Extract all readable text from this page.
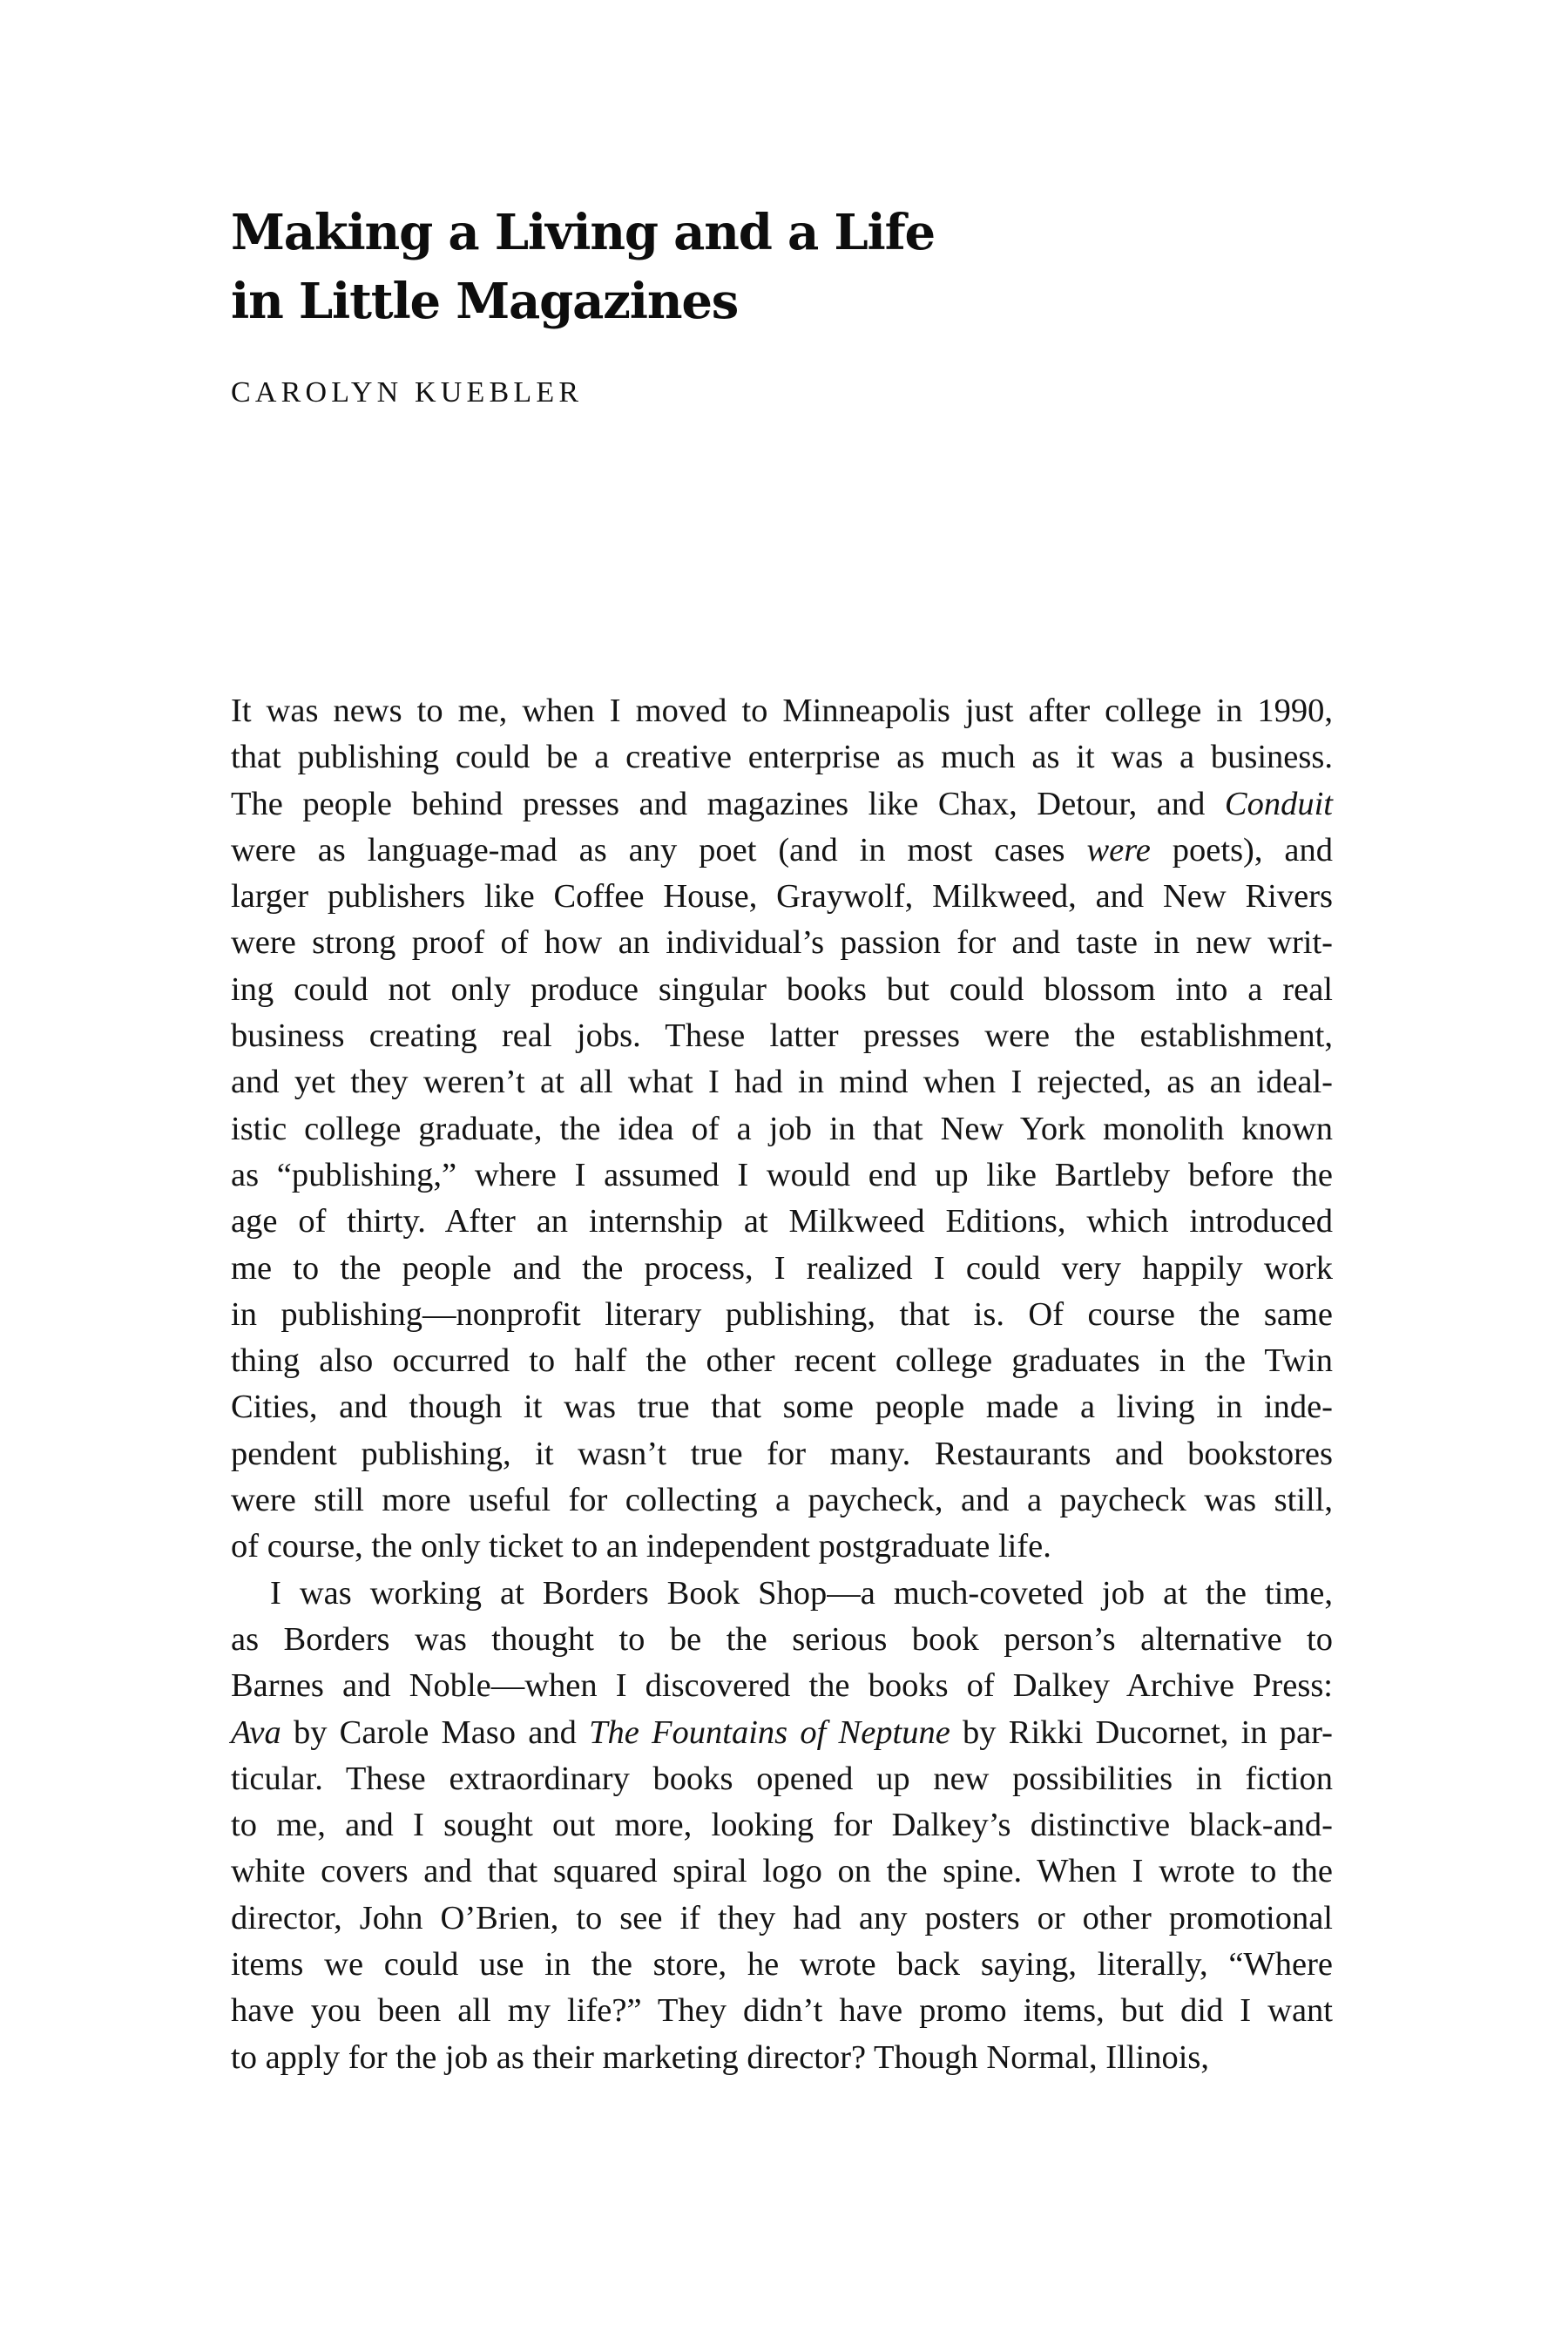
Making a Living and a Life
in Little Magazines

CAROLYN KUEBLER

It was news to me, when I moved to Minneapolis just after college in 1990,
that publishing could be a creative enterprise as much as it was a business.
The people behind presses and magazines like Chax, Detour, and Conduit
were as language-mad as any poet (and in most cases were poets), and
larger publishers like Coffee House, Graywolf, Milkweed, and New Rivers
were strong proof of how an individual’s passion for and taste in new writ-
ing could not only produce singular books but could blossom into a real
business creating real jobs. These latter presses were the establishment,
and yet they weren’t at all what I had in mind when I rejected, as an ideal-
istic college graduate, the idea of a job in that New York monolith known
as “publishing,” where I assumed I would end up like Bartleby before the
age of thirty. After an internship at Milkweed Editions, which introduced
me to the people and the process, I realized I could very happily work
in publishing—nonprofit literary publishing, that is. Of course the same
thing also occurred to half the other recent college graduates in the Twin
Cities, and though it was true that some people made a living in inde-
pendent publishing, it wasn’t true for many. Restaurants and bookstores
were still more useful for collecting a paycheck, and a paycheck was still,
of course, the only ticket to an independent postgraduate life.
I was working at Borders Book Shop—a much-coveted job at the time,
as Borders was thought to be the serious book person’s alternative to
Barnes and Noble—when I discovered the books of Dalkey Archive Press:
Ava by Carole Maso and The Fountains of Neptune by Rikki Ducornet, in par-
ticular. These extraordinary books opened up new possibilities in fiction
to me, and I sought out more, looking for Dalkey’s distinctive black-and-
white covers and that squared spiral logo on the spine. When I wrote to the
director, John O’Brien, to see if they had any posters or other promotional
items we could use in the store, he wrote back saying, literally, “Where
have you been all my life?” They didn’t have promo items, but did I want
to apply for the job as their marketing director? Though Normal, Illinois,
